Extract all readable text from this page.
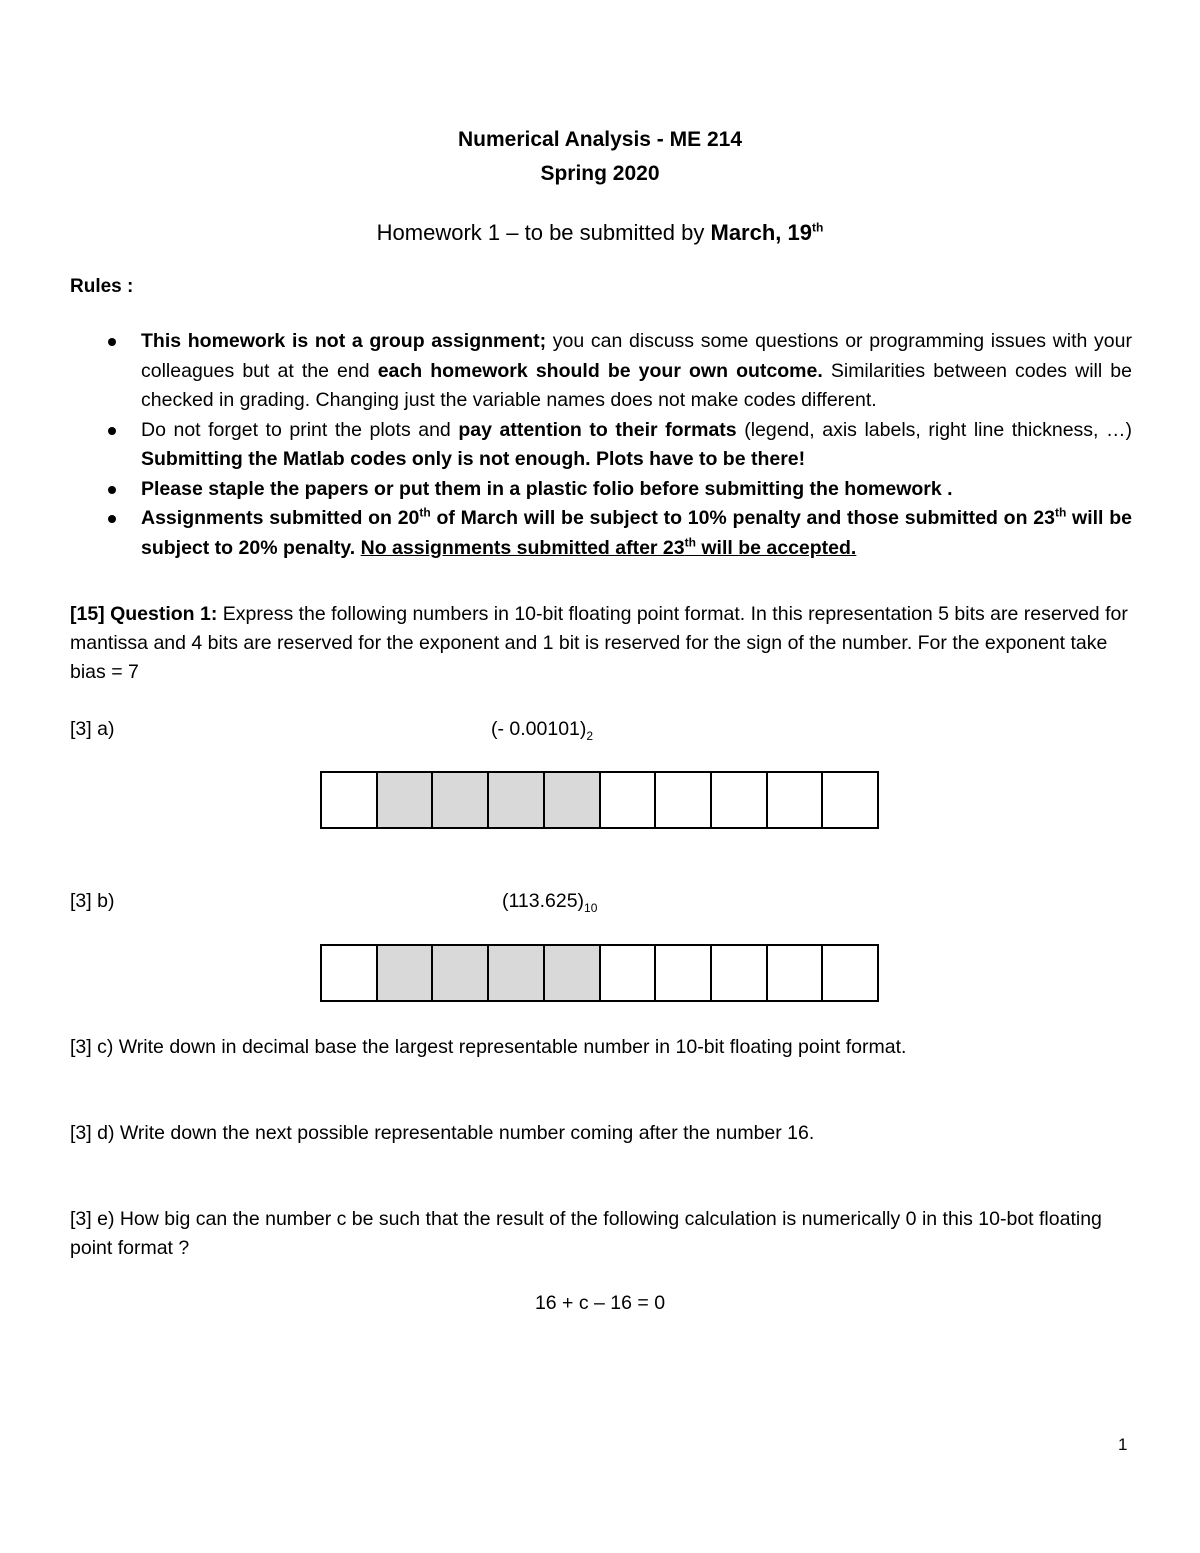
Numerical Analysis - ME 214
Spring 2020
Homework 1 – to be submitted by March, 19th
Rules :
This homework is not a group assignment; you can discuss some questions or programming issues with your colleagues but at the end each homework should be your own outcome. Similarities between codes will be checked in grading. Changing just the variable names does not make codes different.
Do not forget to print the plots and pay attention to their formats (legend, axis labels, right line thickness, …) Submitting the Matlab codes only is not enough. Plots have to be there!
Please staple the papers or put them in a plastic folio before submitting the homework .
Assignments submitted on 20th of March will be subject to 10% penalty and those submitted on 23th will be subject to 20% penalty. No assignments submitted after 23th will be accepted.
[15] Question 1: Express the following numbers in 10-bit floating point format. In this representation 5 bits are reserved for mantissa and 4 bits are reserved for the exponent and 1 bit is reserved for the sign of the number. For the exponent take bias = 7
[3] a)	(- $0.00101)_2$
[3] b)	$(113.625)_{10}$
[3] c) Write down in decimal base the largest representable number in 10-bit floating point format.
[3] d) Write down the next possible representable number coming after the number 16.
[3] e) How big can the number c be such that the result of the following calculation is numerically 0 in this 10-bot floating point format ?
16 + c – 16 = 0
1
